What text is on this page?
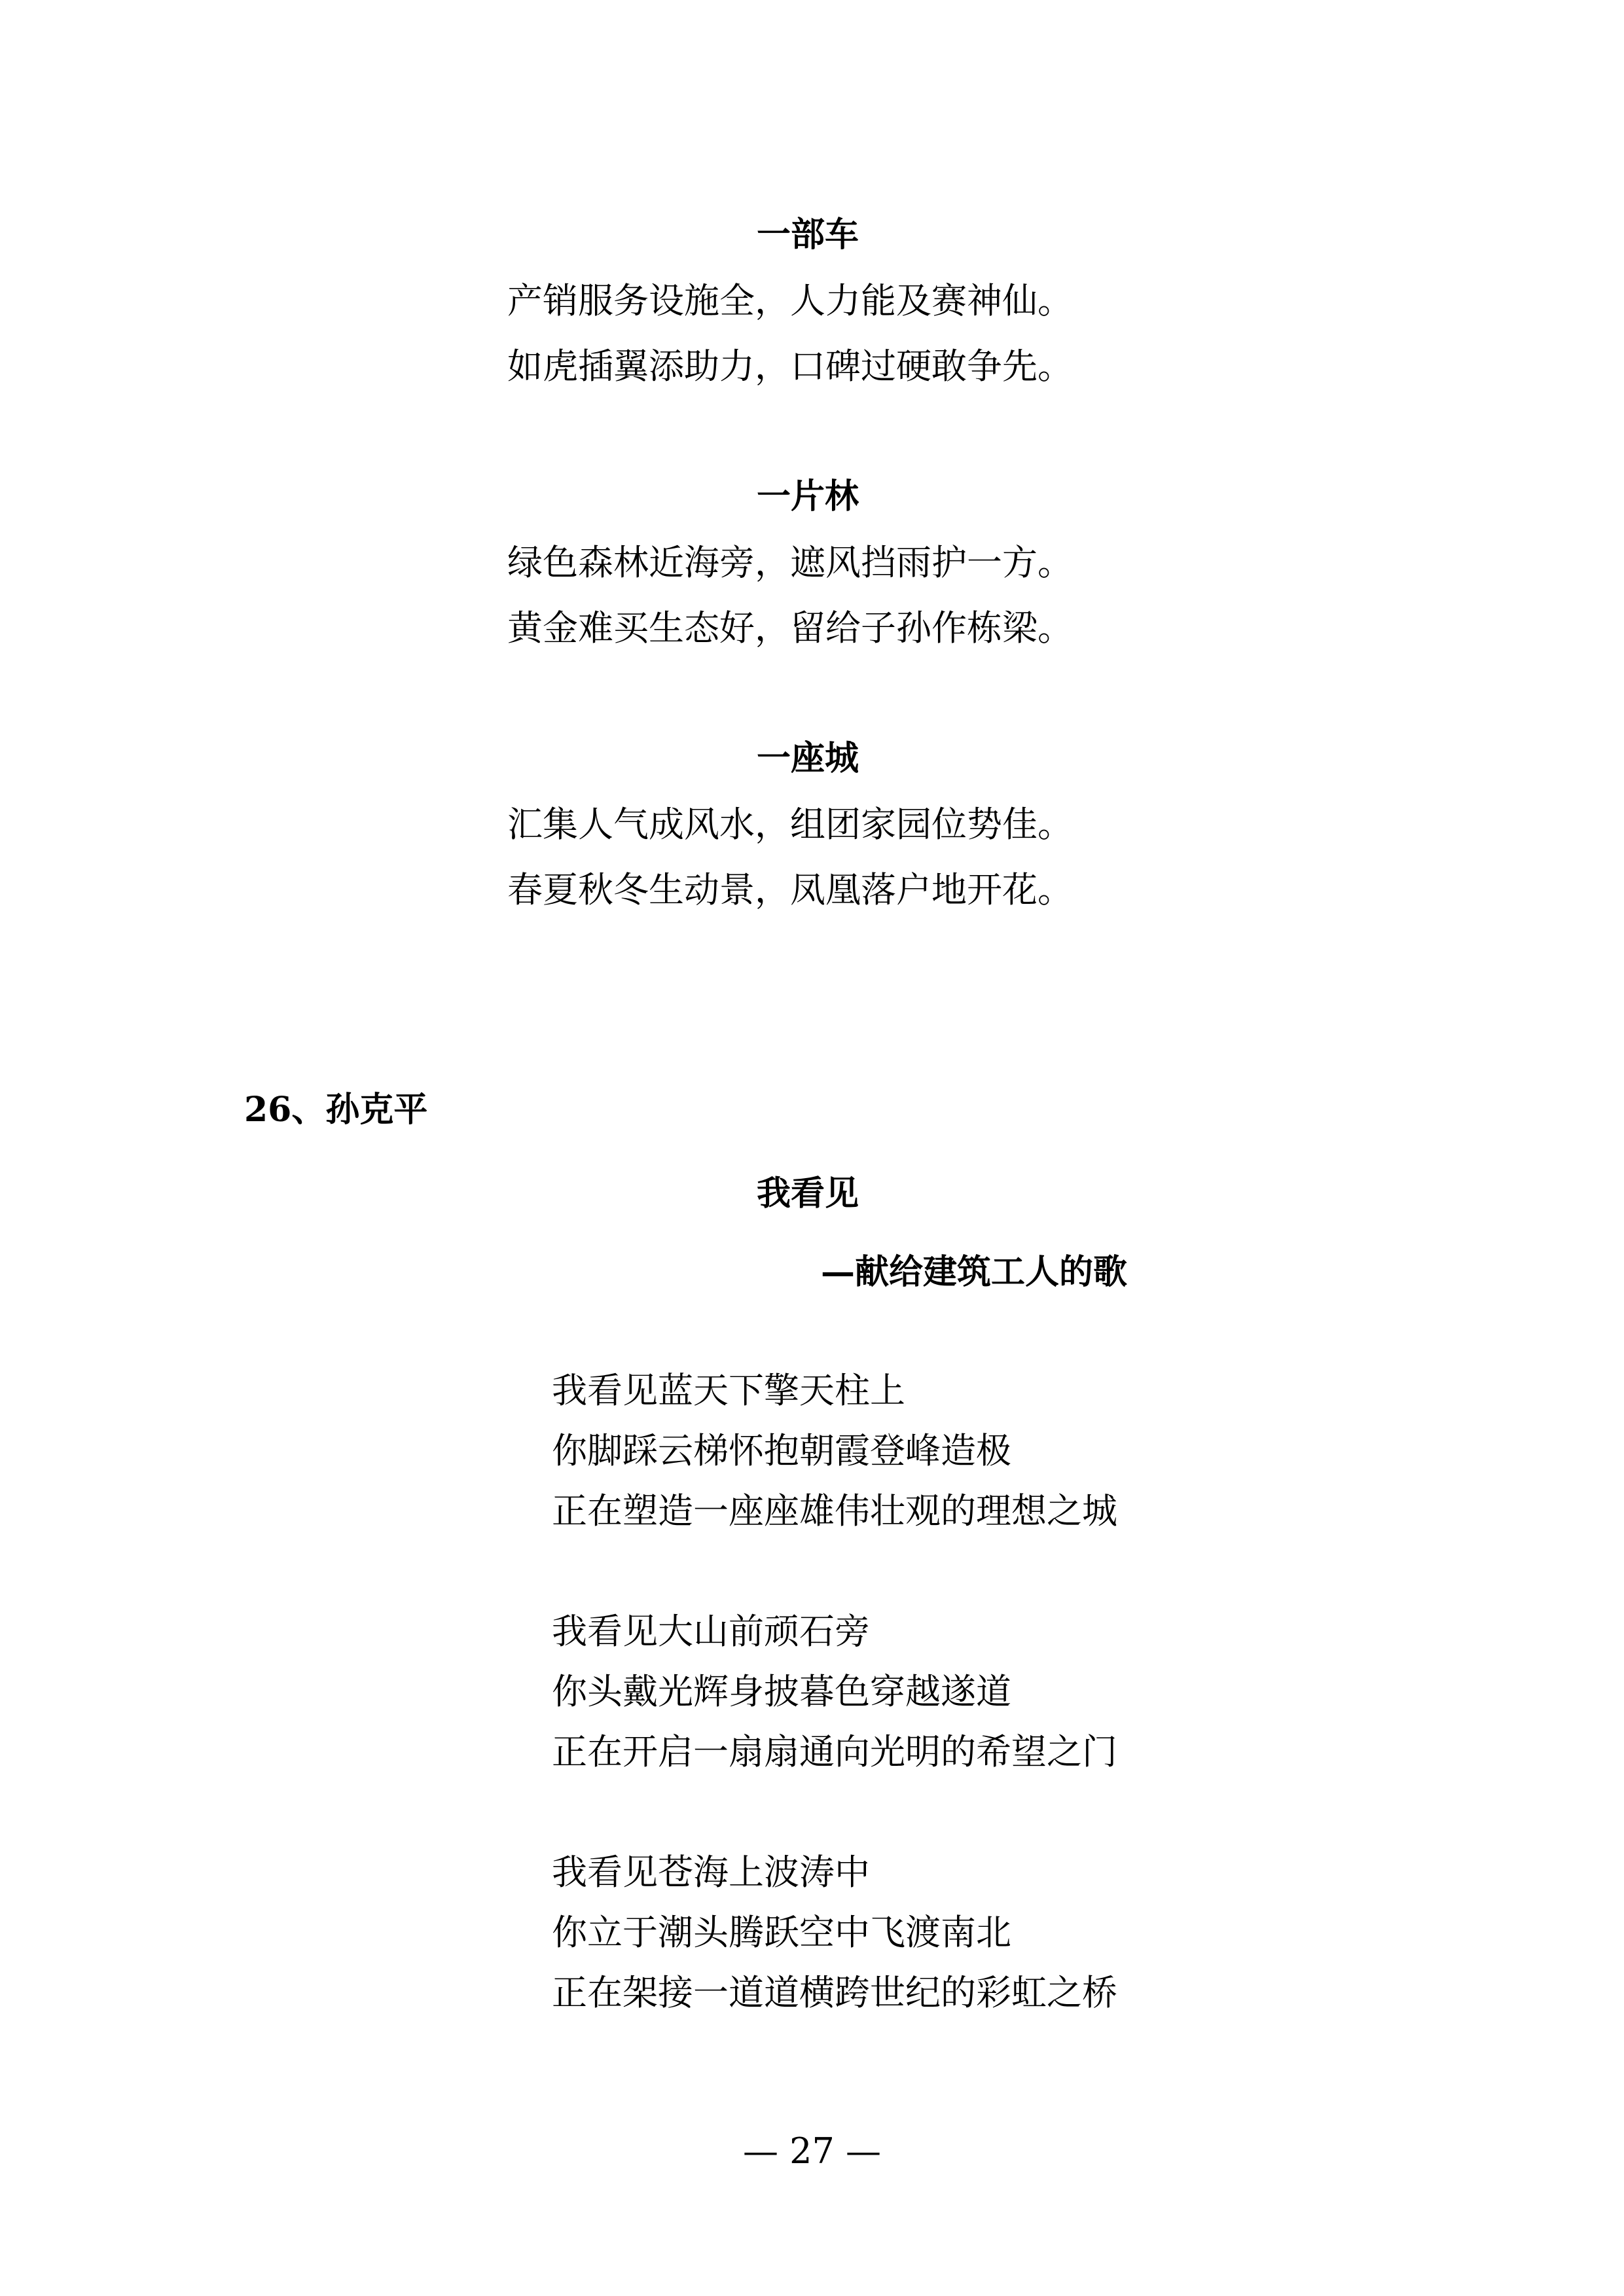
一部车
产销服务设施全，人力能及赛神仙。
如虎插翼添助力，口碑过硬敢争先。
一片林
绿色森林近海旁，遮风挡雨护一方。
黄金难买生态好，留给子孙作栋梁。
一座城
汇集人气成风水，组团家园位势佳。
春夏秋冬生动景，凤凰落户地开花。
26、孙克平
我看见
—献给建筑工人的歌
我看见蓝天下擎天柱上
你脚踩云梯怀抱朝霞登峰造极
正在塑造一座座雄伟壮观的理想之城
我看见大山前顽石旁
你头戴光辉身披暮色穿越遂道
正在开启一扇扇通向光明的希望之门
我看见苍海上波涛中
你立于潮头腾跃空中飞渡南北
正在架接一道道横跨世纪的彩虹之桥
— 27 —
